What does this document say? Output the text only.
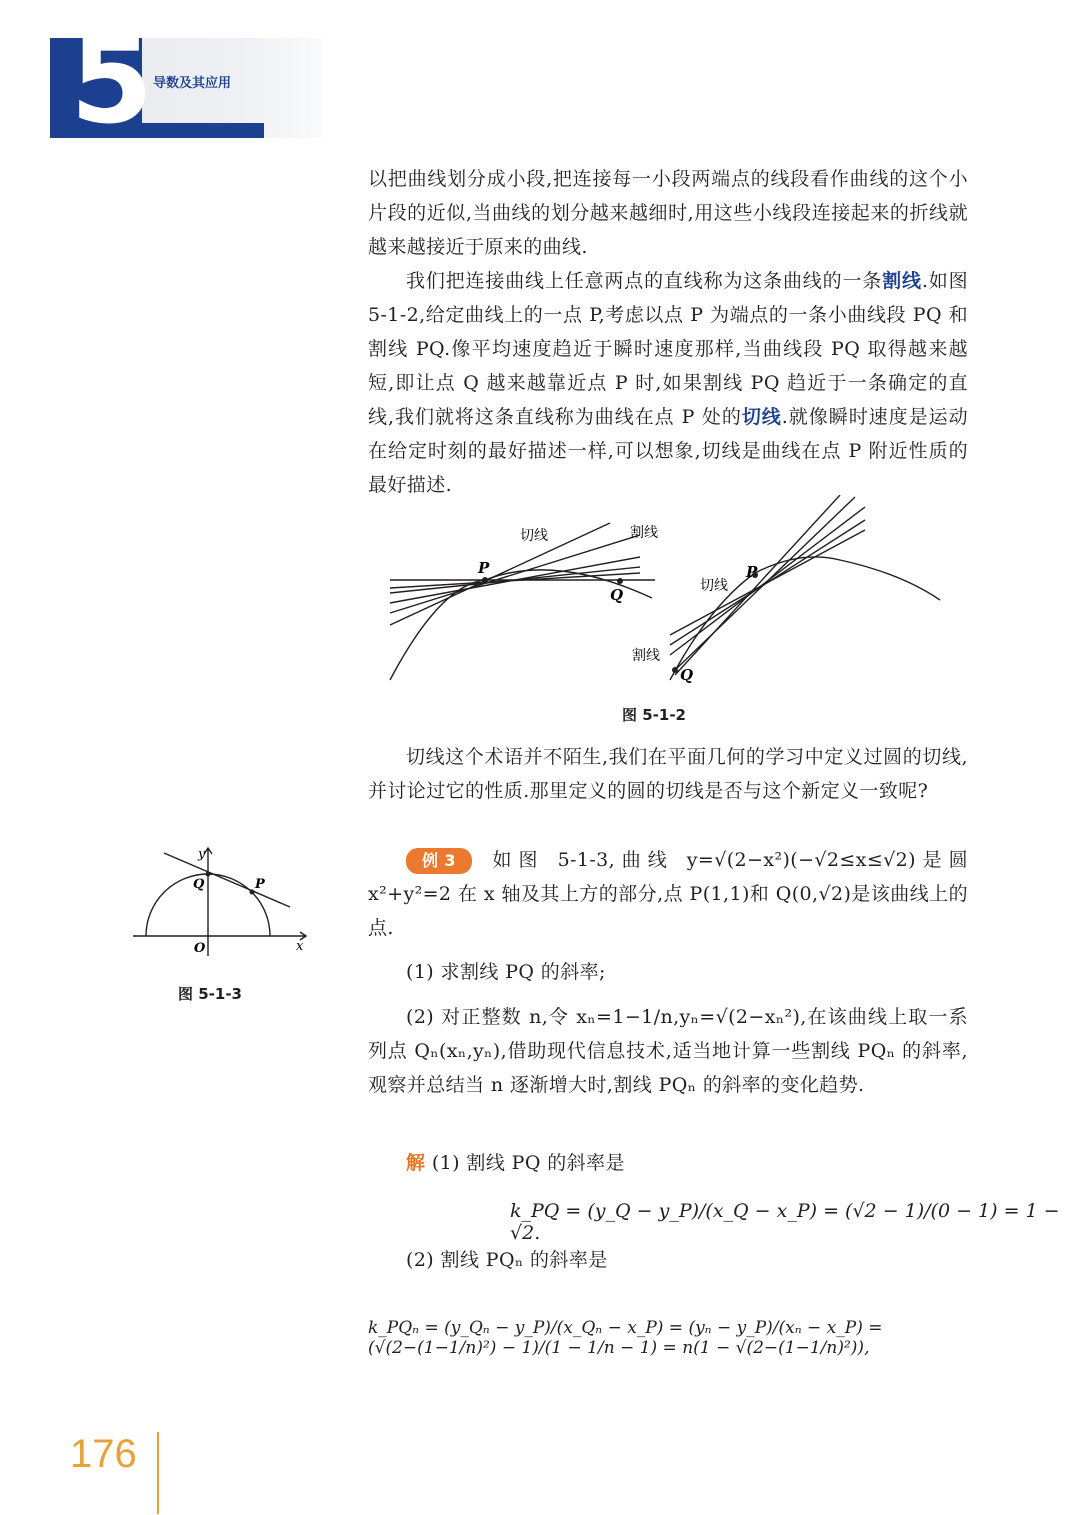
5 导数及其应用

以把曲线划分成小段,把连接每一小段两端点的线段看作曲线的这个小片段的近似,当曲线的划分越来越细时,用这些小线段连接起来的折线就越来越接近于原来的曲线.

我们把连接曲线上任意两点的直线称为这条曲线的一条割线.如图 5-1-2,给定曲线上的一点 P,考虑以点 P 为端点的一条小曲线段 PQ 和割线 PQ.像平均速度趋近于瞬时速度那样,当曲线段 PQ 取得越来越短,即让点 Q 越来越靠近点 P 时,如果割线 PQ 趋近于一条确定的直线,我们就将这条直线称为曲线在点 P 处的切线.就像瞬时速度是运动在给定时刻的最好描述一样,可以想象,切线是曲线在点 P 附近性质的最好描述.

切线	割线
P
Q	切线
割线
P
Q
图 5-1-2

切线这个术语并不陌生,我们在平面几何的学习中定义过圆的切线,并讨论过它的性质.那里定义的圆的切线是否与这个新定义一致呢?

例 3 如图 5-1-3,曲线 y=√(2−x²)(−√2≤x≤√2)是圆 x²+y²=2 在 x 轴及其上方的部分,点 P(1,1)和 Q(0,√2)是该曲线上的点.

(1) 求割线 PQ 的斜率;

(2) 对正整数 n,令 xₙ=1−1/n,yₙ=√(2−xₙ²),在该曲线上取一系列点 Qₙ(xₙ,yₙ),借助现代信息技术,适当地计算一些割线 PQₙ 的斜率,观察并总结当 n 逐渐增大时,割线 PQₙ 的斜率的变化趋势.

y
x
O
Q	P
图 5-1-3

解 (1) 割线 PQ 的斜率是

k_PQ = (y_Q − y_P)/(x_Q − x_P) = (√2 − 1)/(0 − 1) = 1 − √2.

(2) 割线 PQₙ 的斜率是

k_PQₙ = (y_Qₙ − y_P)/(x_Qₙ − x_P) = (yₙ − y_P)/(xₙ − x_P) = (√(2−(1−1/n)²) − 1)/(1 − 1/n − 1) = n(1 − √(2−(1−1/n)²)),
176
